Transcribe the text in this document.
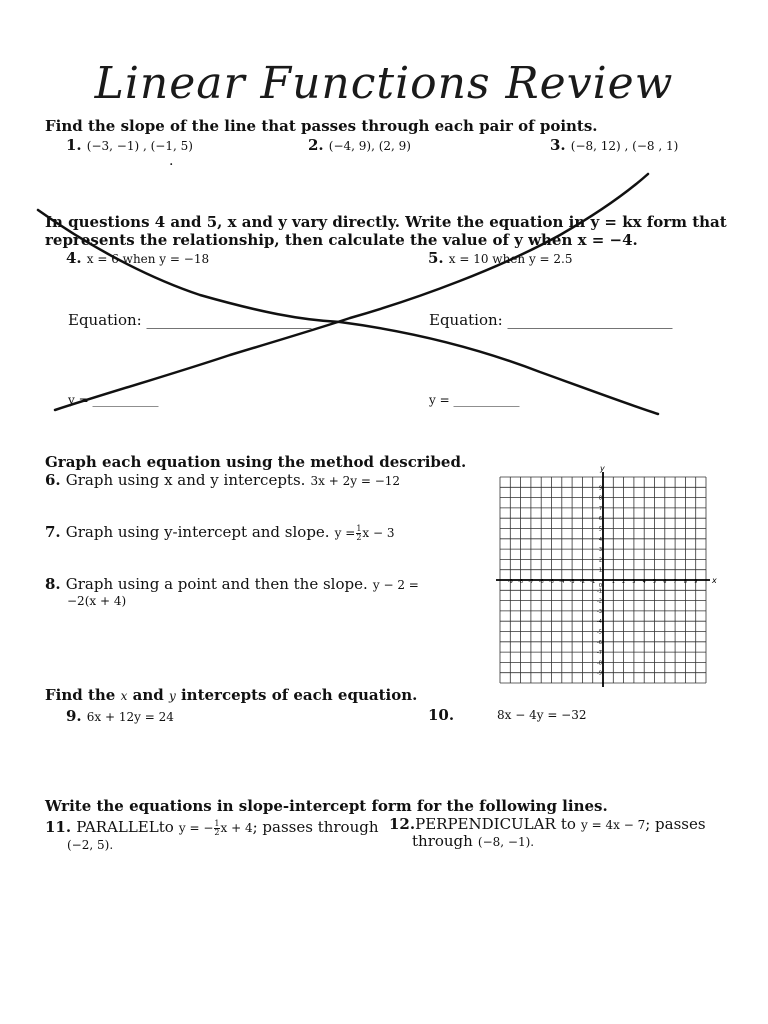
Linear Functions Review
Find the slope of the line that passes through each pair of points.
1. (−3, −1) , (−1, 5)	2. (−4, 9), (2, 9)	3. (−8, 12) , (−8 , 1)
.
In questions 4 and 5, x and y vary directly. Write the equation in y = kx form that
represents the relationship, then calculate the value of y when x = −4.
4. x = 6 when y = −18	5. x = 10 when y = 2.5
Equation: ______________________	Equation: ______________________
y = ___________	y = ___________
Graph each equation using the method described.
6. Graph using x and y intercepts. 3x + 2y = −12
7. Graph using y-intercept and slope. $y = \frac{1}{2}$ x − 3
8. Graph using a point and then the slope. y − 2 =
−2(x + 4)
x
y
-9 -8 -7 -6 -5 -4 -3 -2 -1	1 2 3 4 5 6 7 8 9
9
8
7
6
5
4
3
2
1
-1
-2
-3
-4
-5
-6
-7
-8
-9
0
Find the x and y intercepts of each equation.
9. 6x + 12y = 24	10.	8x − 4y = −32
Write the equations in slope-intercept form for the following lines.
11. PARALLELto y = − $\frac{1}{2}$ x + 4; passes through
(−2, 5).
12.PERPENDICULAR to y = 4x − 7; passes
through (−8, −1).
